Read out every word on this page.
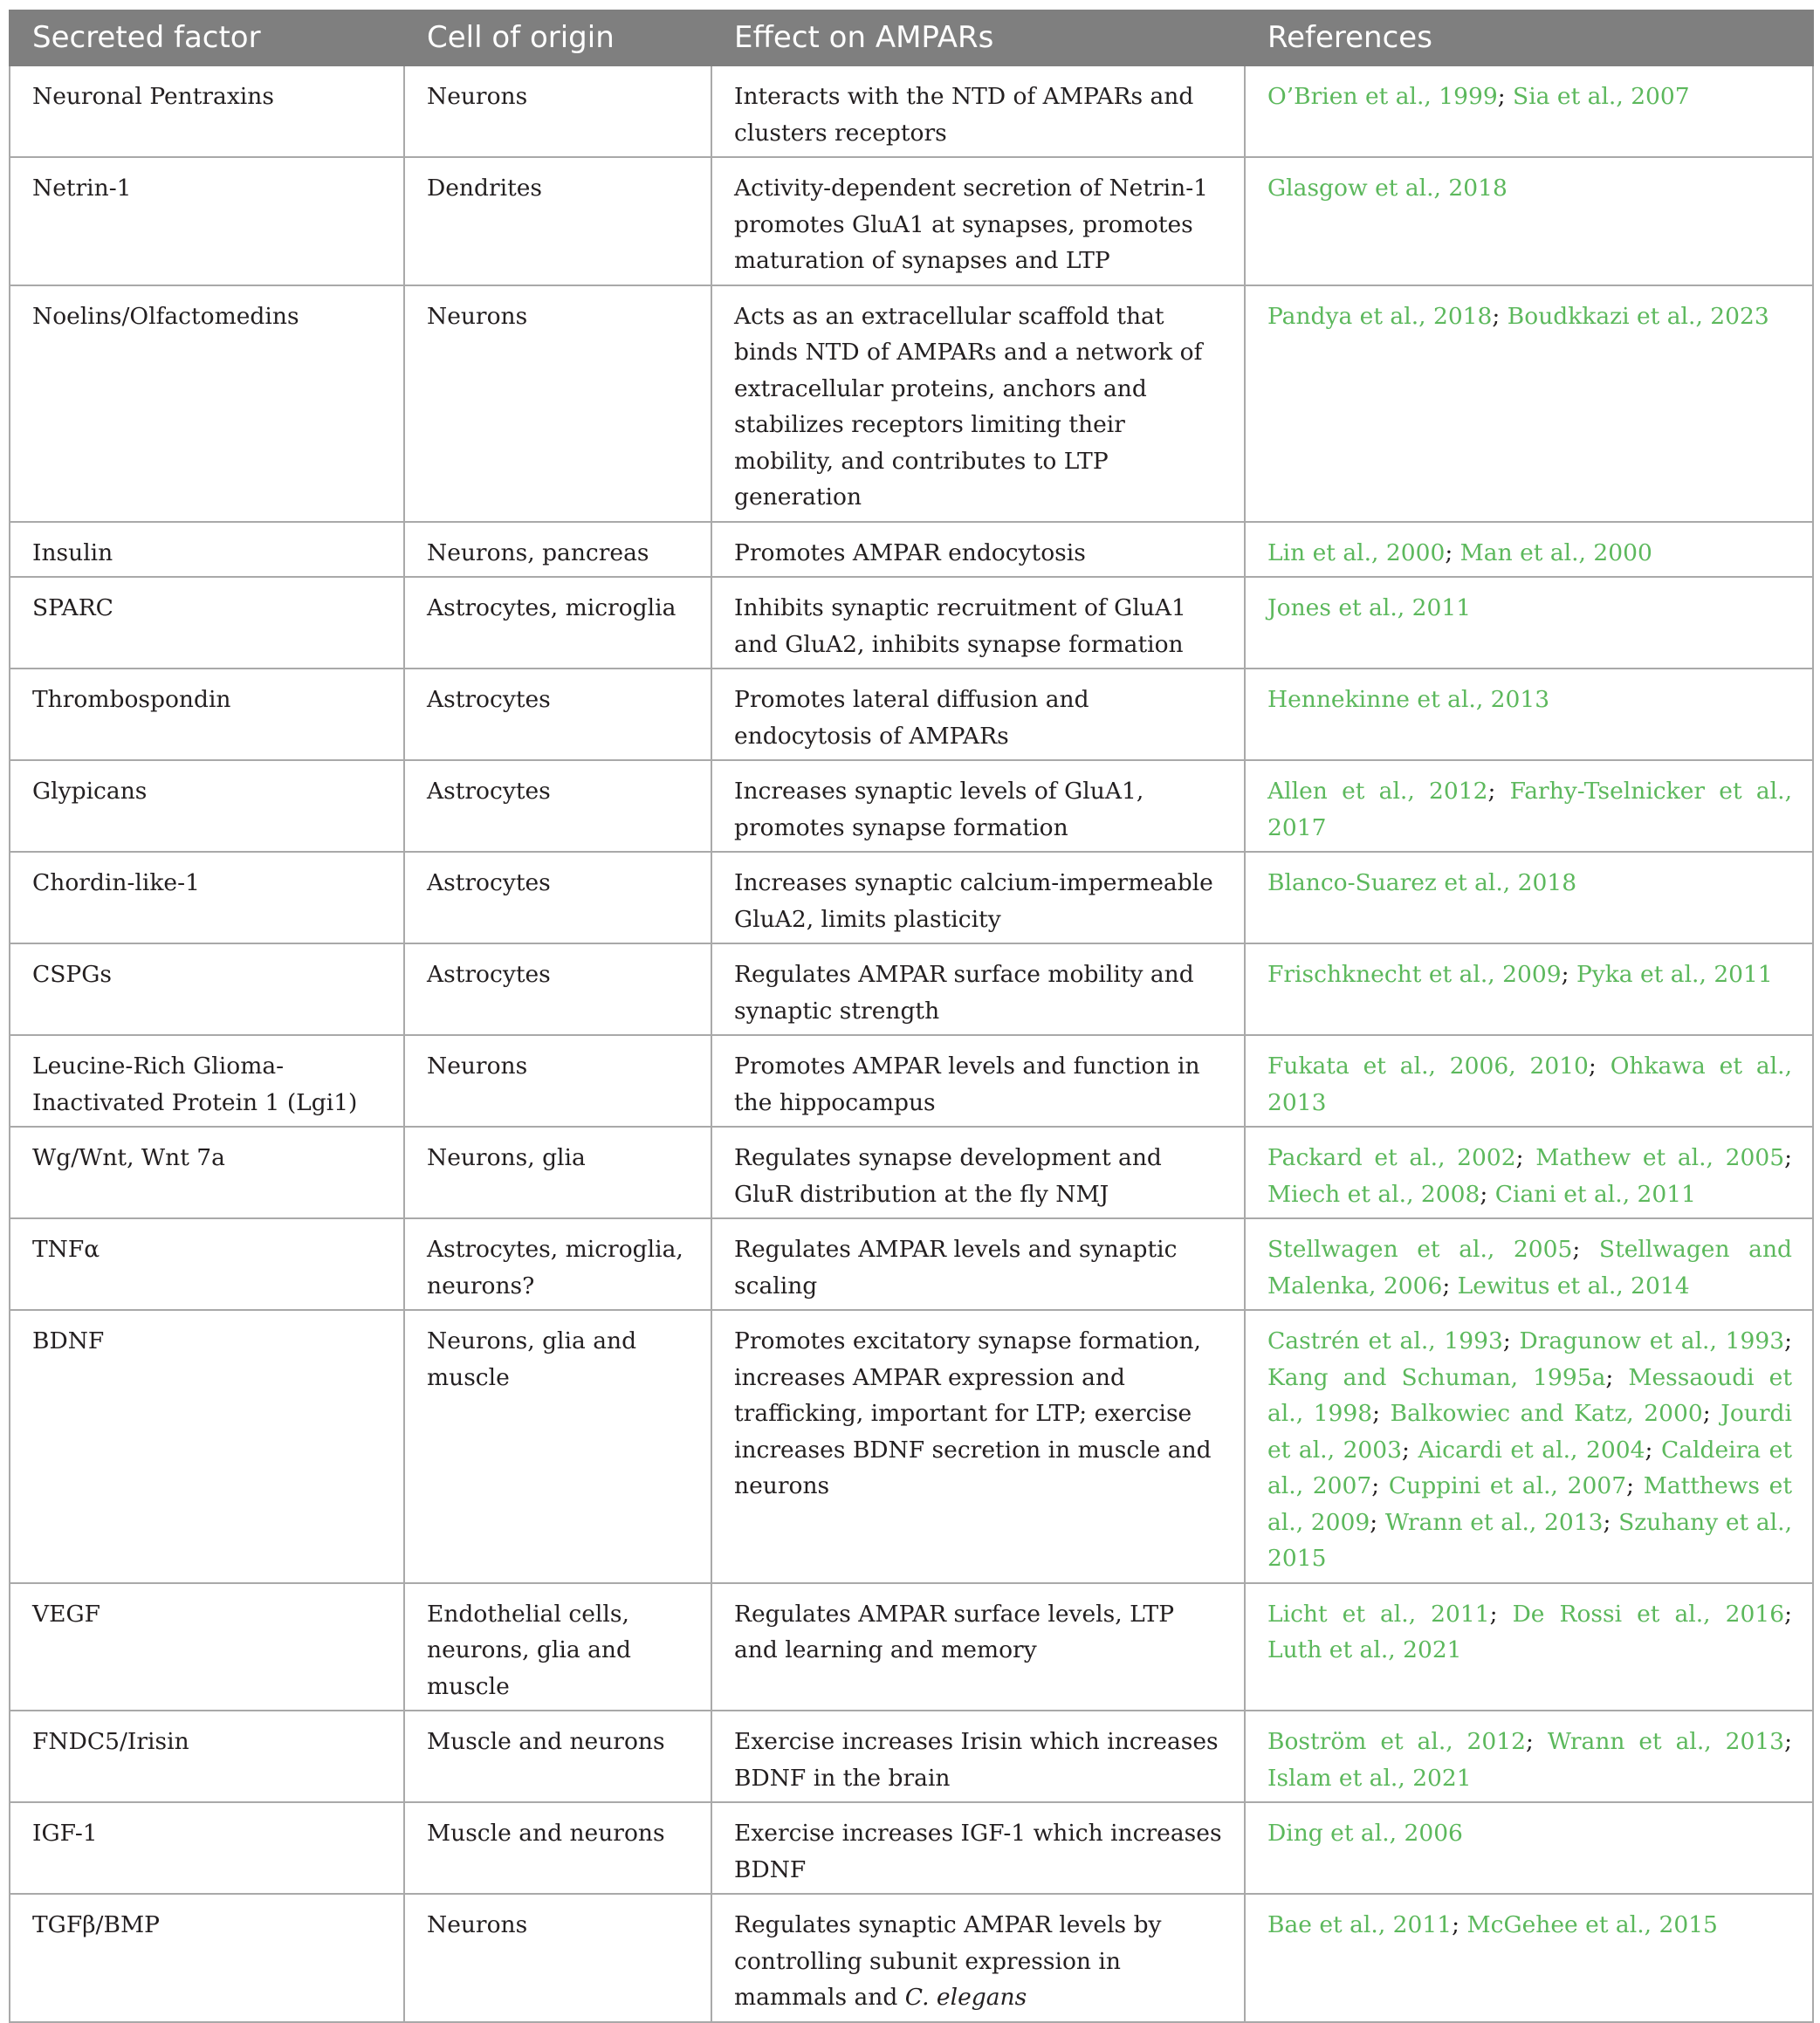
Secreted factor	Cell of origin	Effect on AMPARs	References
Neuronal Pentraxins	Neurons	Interacts with the NTD of AMPARs and clusters receptors	O’Brien et al., 1999; Sia et al., 2007
Netrin-1	Dendrites	Activity-dependent secretion of Netrin-1 promotes GluA1 at synapses, promotes maturation of synapses and LTP	Glasgow et al., 2018
Noelins/Olfactomedins	Neurons	Acts as an extracellular scaffold that binds NTD of AMPARs and a network of extracellular proteins, anchors and stabilizes receptors limiting their mobility, and contributes to LTP generation	Pandya et al., 2018; Boudkkazi et al., 2023
Insulin	Neurons, pancreas	Promotes AMPAR endocytosis	Lin et al., 2000; Man et al., 2000
SPARC	Astrocytes, microglia	Inhibits synaptic recruitment of GluA1 and GluA2, inhibits synapse formation	Jones et al., 2011
Thrombospondin	Astrocytes	Promotes lateral diffusion and endocytosis of AMPARs	Hennekinne et al., 2013
Glypicans	Astrocytes	Increases synaptic levels of GluA1, promotes synapse formation	Allen et al., 2012; Farhy-Tselnicker et al., 2017
Chordin-like-1	Astrocytes	Increases synaptic calcium-impermeable GluA2, limits plasticity	Blanco-Suarez et al., 2018
CSPGs	Astrocytes	Regulates AMPAR surface mobility and synaptic strength	Frischknecht et al., 2009; Pyka et al., 2011
Leucine-Rich Glioma-Inactivated Protein 1 (Lgi1)	Neurons	Promotes AMPAR levels and function in the hippocampus	Fukata et al., 2006, 2010; Ohkawa et al., 2013
Wg/Wnt, Wnt 7a	Neurons, glia	Regulates synapse development and GluR distribution at the fly NMJ	Packard et al., 2002; Mathew et al., 2005; Miech et al., 2008; Ciani et al., 2011
TNFα	Astrocytes, microglia, neurons?	Regulates AMPAR levels and synaptic scaling	Stellwagen et al., 2005; Stellwagen and Malenka, 2006; Lewitus et al., 2014
BDNF	Neurons, glia and muscle	Promotes excitatory synapse formation, increases AMPAR expression and trafficking, important for LTP; exercise increases BDNF secretion in muscle and neurons	Castrén et al., 1993; Dragunow et al., 1993; Kang and Schuman, 1995a; Messaoudi et al., 1998; Balkowiec and Katz, 2000; Jourdi et al., 2003; Aicardi et al., 2004; Caldeira et al., 2007; Cuppini et al., 2007; Matthews et al., 2009; Wrann et al., 2013; Szuhany et al., 2015
VEGF	Endothelial cells, neurons, glia and muscle	Regulates AMPAR surface levels, LTP and learning and memory	Licht et al., 2011; De Rossi et al., 2016; Luth et al., 2021
FNDC5/Irisin	Muscle and neurons	Exercise increases Irisin which increases BDNF in the brain	Boström et al., 2012; Wrann et al., 2013; Islam et al., 2021
IGF-1	Muscle and neurons	Exercise increases IGF-1 which increases BDNF	Ding et al., 2006
TGFβ/BMP	Neurons	Regulates synaptic AMPAR levels by controlling subunit expression in mammals and C. elegans	Bae et al., 2011; McGehee et al., 2015
